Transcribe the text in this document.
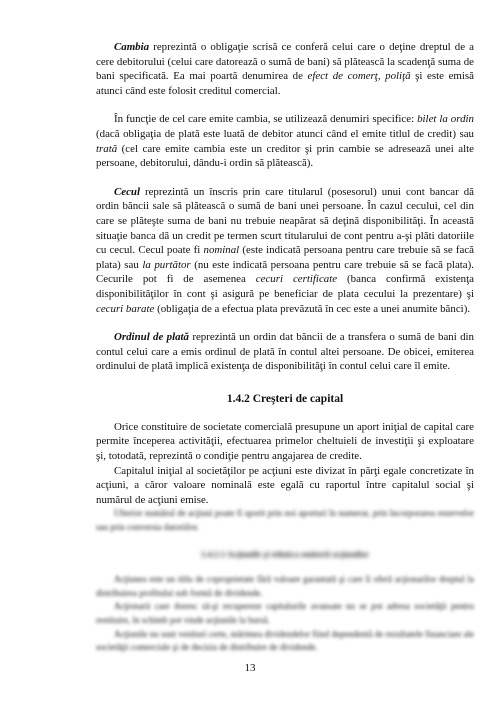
Cambia reprezintă o obligaţie scrisă ce conferă celui care o deţine dreptul de a cere debitorului (celui care datorează o sumă de bani) să plătească la scadenţă suma de bani specificată. Ea mai poartă denumirea de efect de comerţ, poliţă şi este emisă atunci când este folosit creditul comercial.

În funcţie de cel care emite cambia, se utilizează denumiri specifice: bilet la ordin (dacă obligaţia de plată este luată de debitor atunci când el emite titlul de credit) sau trată (cel care emite cambia este un creditor şi prin cambie se adresează unei alte persoane, debitorului, dându-i ordin să plătească).

Cecul reprezintă un înscris prin care titularul (posesorul) unui cont bancar dă ordin băncii sale să plătească o sumă de bani unei persoane. În cazul cecului, cel din care se plăteşte suma de bani nu trebuie neapărat să deţină disponibilităţi. În această situaţie banca dă un credit pe termen scurt titularului de cont pentru a-şi plăti datoriile cu cecul. Cecul poate fi nominal (este indicată persoana pentru care trebuie să se facă plata) sau la purtător (nu este indicată persoana pentru care trebuie să se facă plata). Cecurile pot fi de asemenea cecuri certificate (banca confirmă existenţa disponibilităţilor în cont şi asigură pe beneficiar de plata cecului la prezentare) şi cecuri barate (obligaţia de a efectua plata prevăzută în cec este a unei anumite bănci).

Ordinul de plată reprezintă un ordin dat băncii de a transfera o sumă de bani din contul celui care a emis ordinul de plată în contul altei persoane. De obicei, emiterea ordinului de plată implică existenţa de disponibilităţi în contul celui care îl emite.

1.4.2 Creşteri de capital

Orice constituire de societate comercială presupune un aport iniţial de capital care permite începerea activităţii, efectuarea primelor cheltuieli de investiţii şi exploatare şi, totodată, reprezintă o condiţie pentru angajarea de credite.

Capitalul iniţial al societăţilor pe acţiuni este divizat în părţi egale concretizate în acţiuni, a căror valoare nominală este egală cu raportul între capitalul social şi numărul de acţiuni emise.

Ulterior numărul de acţiuni poate fi sporit prin noi aporturi în numerar, prin încorporarea rezervelor sau prin conversia datoriilor.

1.4.2.1 Acţiunile şi tehnica emiterii acţiunilor

Acţiunea este un titlu de coproprietate fără valoare garantată şi care îi oferă acţionarilor dreptul la distribuirea profitului sub formă de dividende.

Acţionarii care doresc să-şi recupereze capitalurile avansate nu se pot adresa societăţii pentru restituire, în schimb pot vinde acţiunile la bursă.

Acţiunile nu sunt venituri certe, mărimea dividendelor fiind dependentă de rezultatele financiare ale societăţii comerciale şi de decizia de distribuire de dividende.

13
